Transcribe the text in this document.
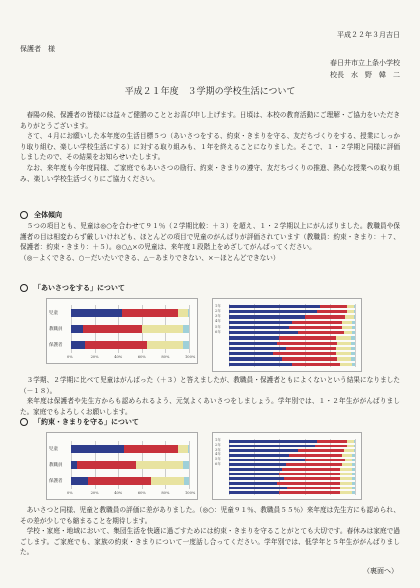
平成２２年３月吉日
保護者　様
春日井市立上条小学校
校長　水　野　韓　二
平成２１年度　３学期の学校生活について

春陽の候、保護者の皆様には益々ご健勝のこととお喜び申し上げます。日頃は、本校の教育活動にご理解・ご協力をいただきありがとうございます。

さて、４月にお願いした本年度の生活目標５つ（あいさつをする、約束・きまりを守る、友だちづくりをする、授業にしっかり取り組む、楽しい学校生活にする）に対する取り組みも、１年を終えることになりました。そこで、１・２学期と同様に評価しましたので、その結果をお知らせいたします。

なお、来年度も今年度同様、ご家庭でもあいさつの励行、約束・きまりの遵守、友だちづくりの推進、熱心な授業への取り組み、楽しい学校生活づくりにご協力ください。

全体傾向

５つの項目とも、児童は◎○を合わせて９１％（２学期比較：＋３）を超え、１・２学期以上にがんばりました。教職員や保護者の目は相変わらず厳しいけれども、ほとんどの項目で児童のがんばりが評価されています（教職員：約束・きまり：＋７、保護者：約束・きまり：＋５）。◎○△×の児童は、来年度１段階上をめざしてがんばってください。

（◎－よくできる、○－だいたいできる、△－あまりできない、×－ほとんどできない）

「あいさつをする」について
児童
教職員
保護者
0%	20%	40%	60%	80%	100%
1年
2年
3年
4年
5年
6年

３学期、２学期に比べて児童はがんばった（＋３）と答えましたが、教職員・保護者ともによくないという結果になりました（－１８）。

来年度は保護者や先生方からも認められるよう、元気よくあいさつをしましょう。学年別では、１・２年生ががんばりました。家庭でもよろしくお願いします。

「約束・きまりを守る」について
児童
教職員
保護者
0%	20%	40%	60%	80%	100%
1年
2年
3年
4年
5年
6年

あいさつと同様、児童と教職員の評価に差がありました。（◎○：児童９１％、教職員５５％）来年度は先生方にも認められ、その差が少しでも縮まることを期待します。

学校・家庭・地域において、集団生活を快適に過ごすためには約束・きまりを守ることがとても大切です。春休みは家庭で過ごします。ご家庭でも、家族の約束・きまりについて一度話し合ってください。学年別では、低学年と５年生ががんばりました。

（裏面へ）
